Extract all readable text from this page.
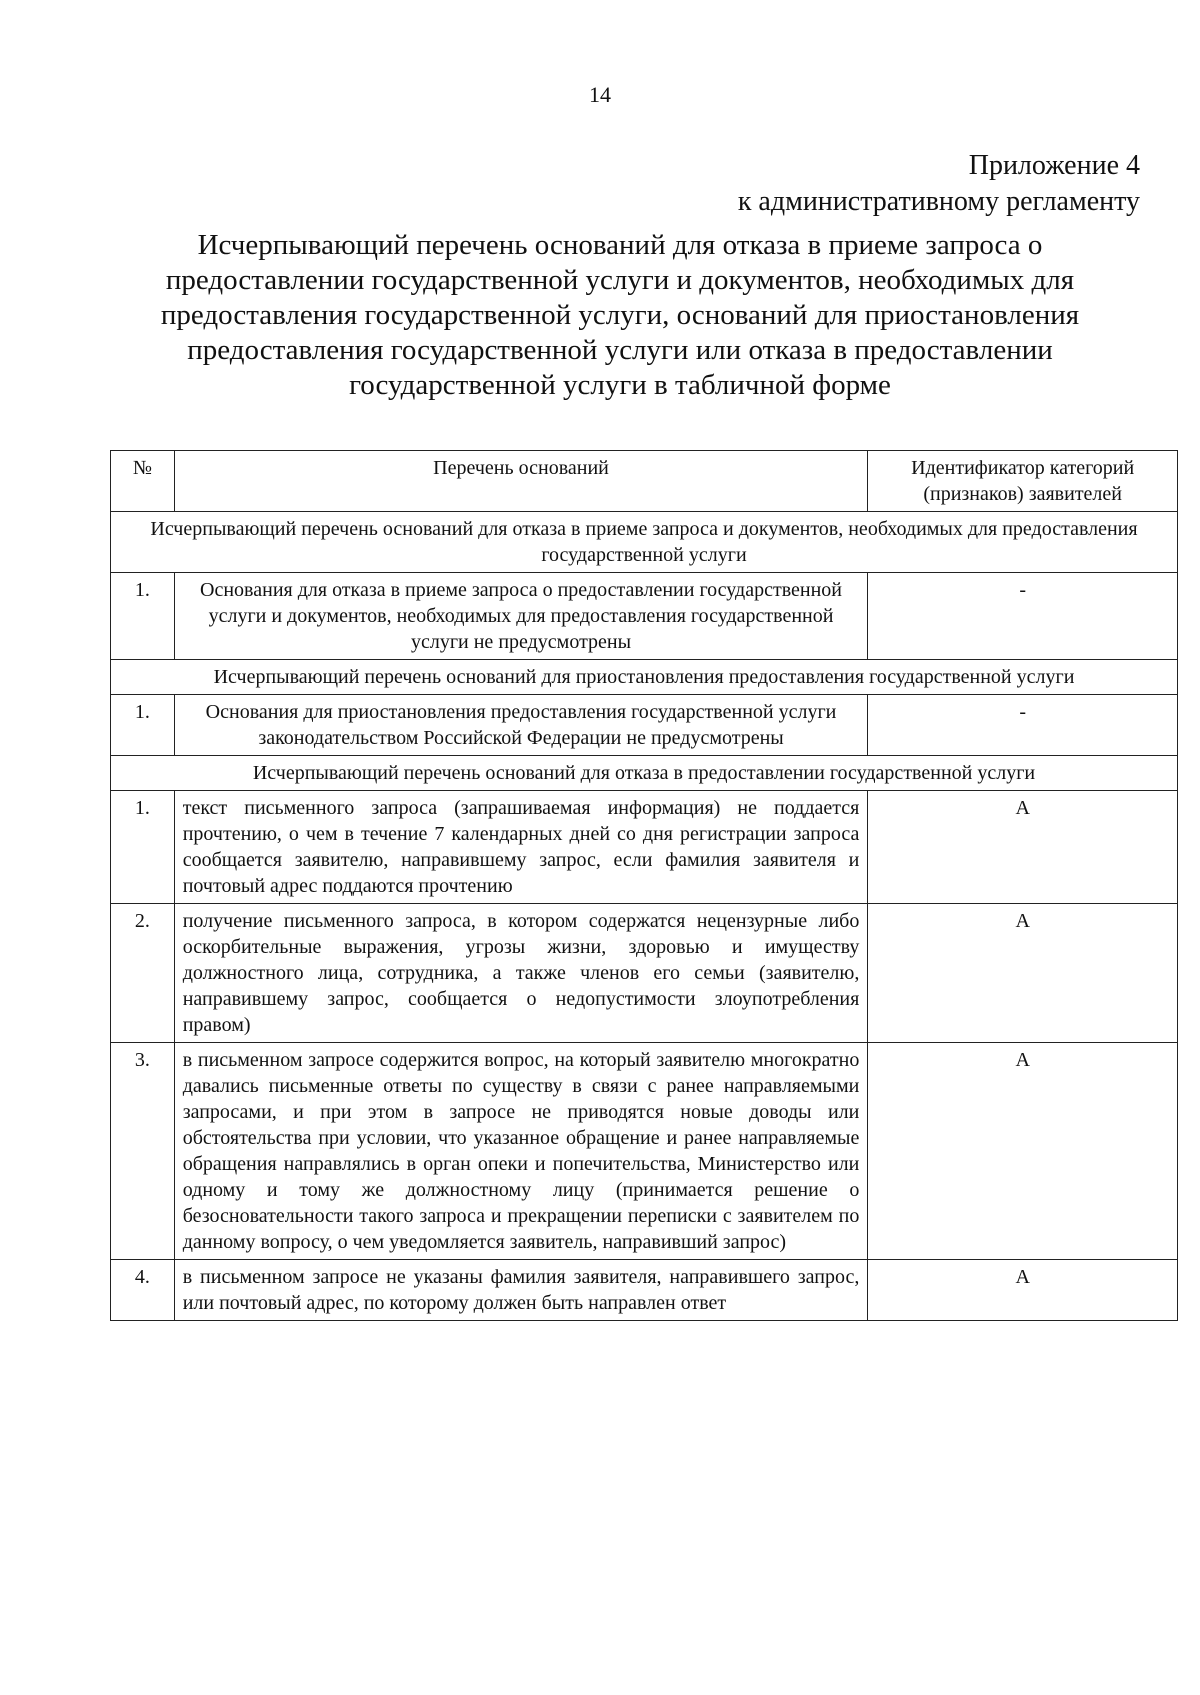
14
Приложение 4
к административному регламенту
Исчерпывающий перечень оснований для отказа в приеме запроса о предоставлении государственной услуги и документов, необходимых для предоставления государственной услуги, оснований для приостановления предоставления государственной услуги или отказа в предоставлении государственной услуги в табличной форме
№	Перечень оснований	Идентификатор категорий (признаков) заявителей
Исчерпывающий перечень оснований для отказа в приеме запроса и документов, необходимых для предоставления государственной услуги		
1.	Основания для отказа в приеме запроса о предоставлении государственной услуги и документов, необходимых для предоставления государственной услуги не предусмотрены	-
Исчерпывающий перечень оснований для приостановления предоставления государственной услуги		
1.	Основания для приостановления предоставления государственной услуги законодательством Российской Федерации не предусмотрены	-
Исчерпывающий перечень оснований для отказа в предоставлении государственной услуги		
1.	текст письменного запроса (запрашиваемая информация) не поддается прочтению, о чем в течение 7 календарных дней со дня регистрации запроса сообщается заявителю, направившему запрос, если фамилия заявителя и почтовый адрес поддаются прочтению	А
2.	получение письменного запроса, в котором содержатся нецензурные либо оскорбительные выражения, угрозы жизни, здоровью и имуществу должностного лица, сотрудника, а также членов его семьи (заявителю, направившему запрос, сообщается о недопустимости злоупотребления правом)	А
3.	в письменном запросе содержится вопрос, на который заявителю многократно давались письменные ответы по существу в связи с ранее направляемыми запросами, и при этом в запросе не приводятся новые доводы или обстоятельства при условии, что указанное обращение и ранее направляемые обращения направлялись в орган опеки и попечительства, Министерство или одному и тому же должностному лицу (принимается решение о безосновательности такого запроса и прекращении переписки с заявителем по данному вопросу, о чем уведомляется заявитель, направивший запрос)	А
4.	в письменном запросе не указаны фамилия заявителя, направившего запрос, или почтовый адрес, по которому должен быть направлен ответ	А
